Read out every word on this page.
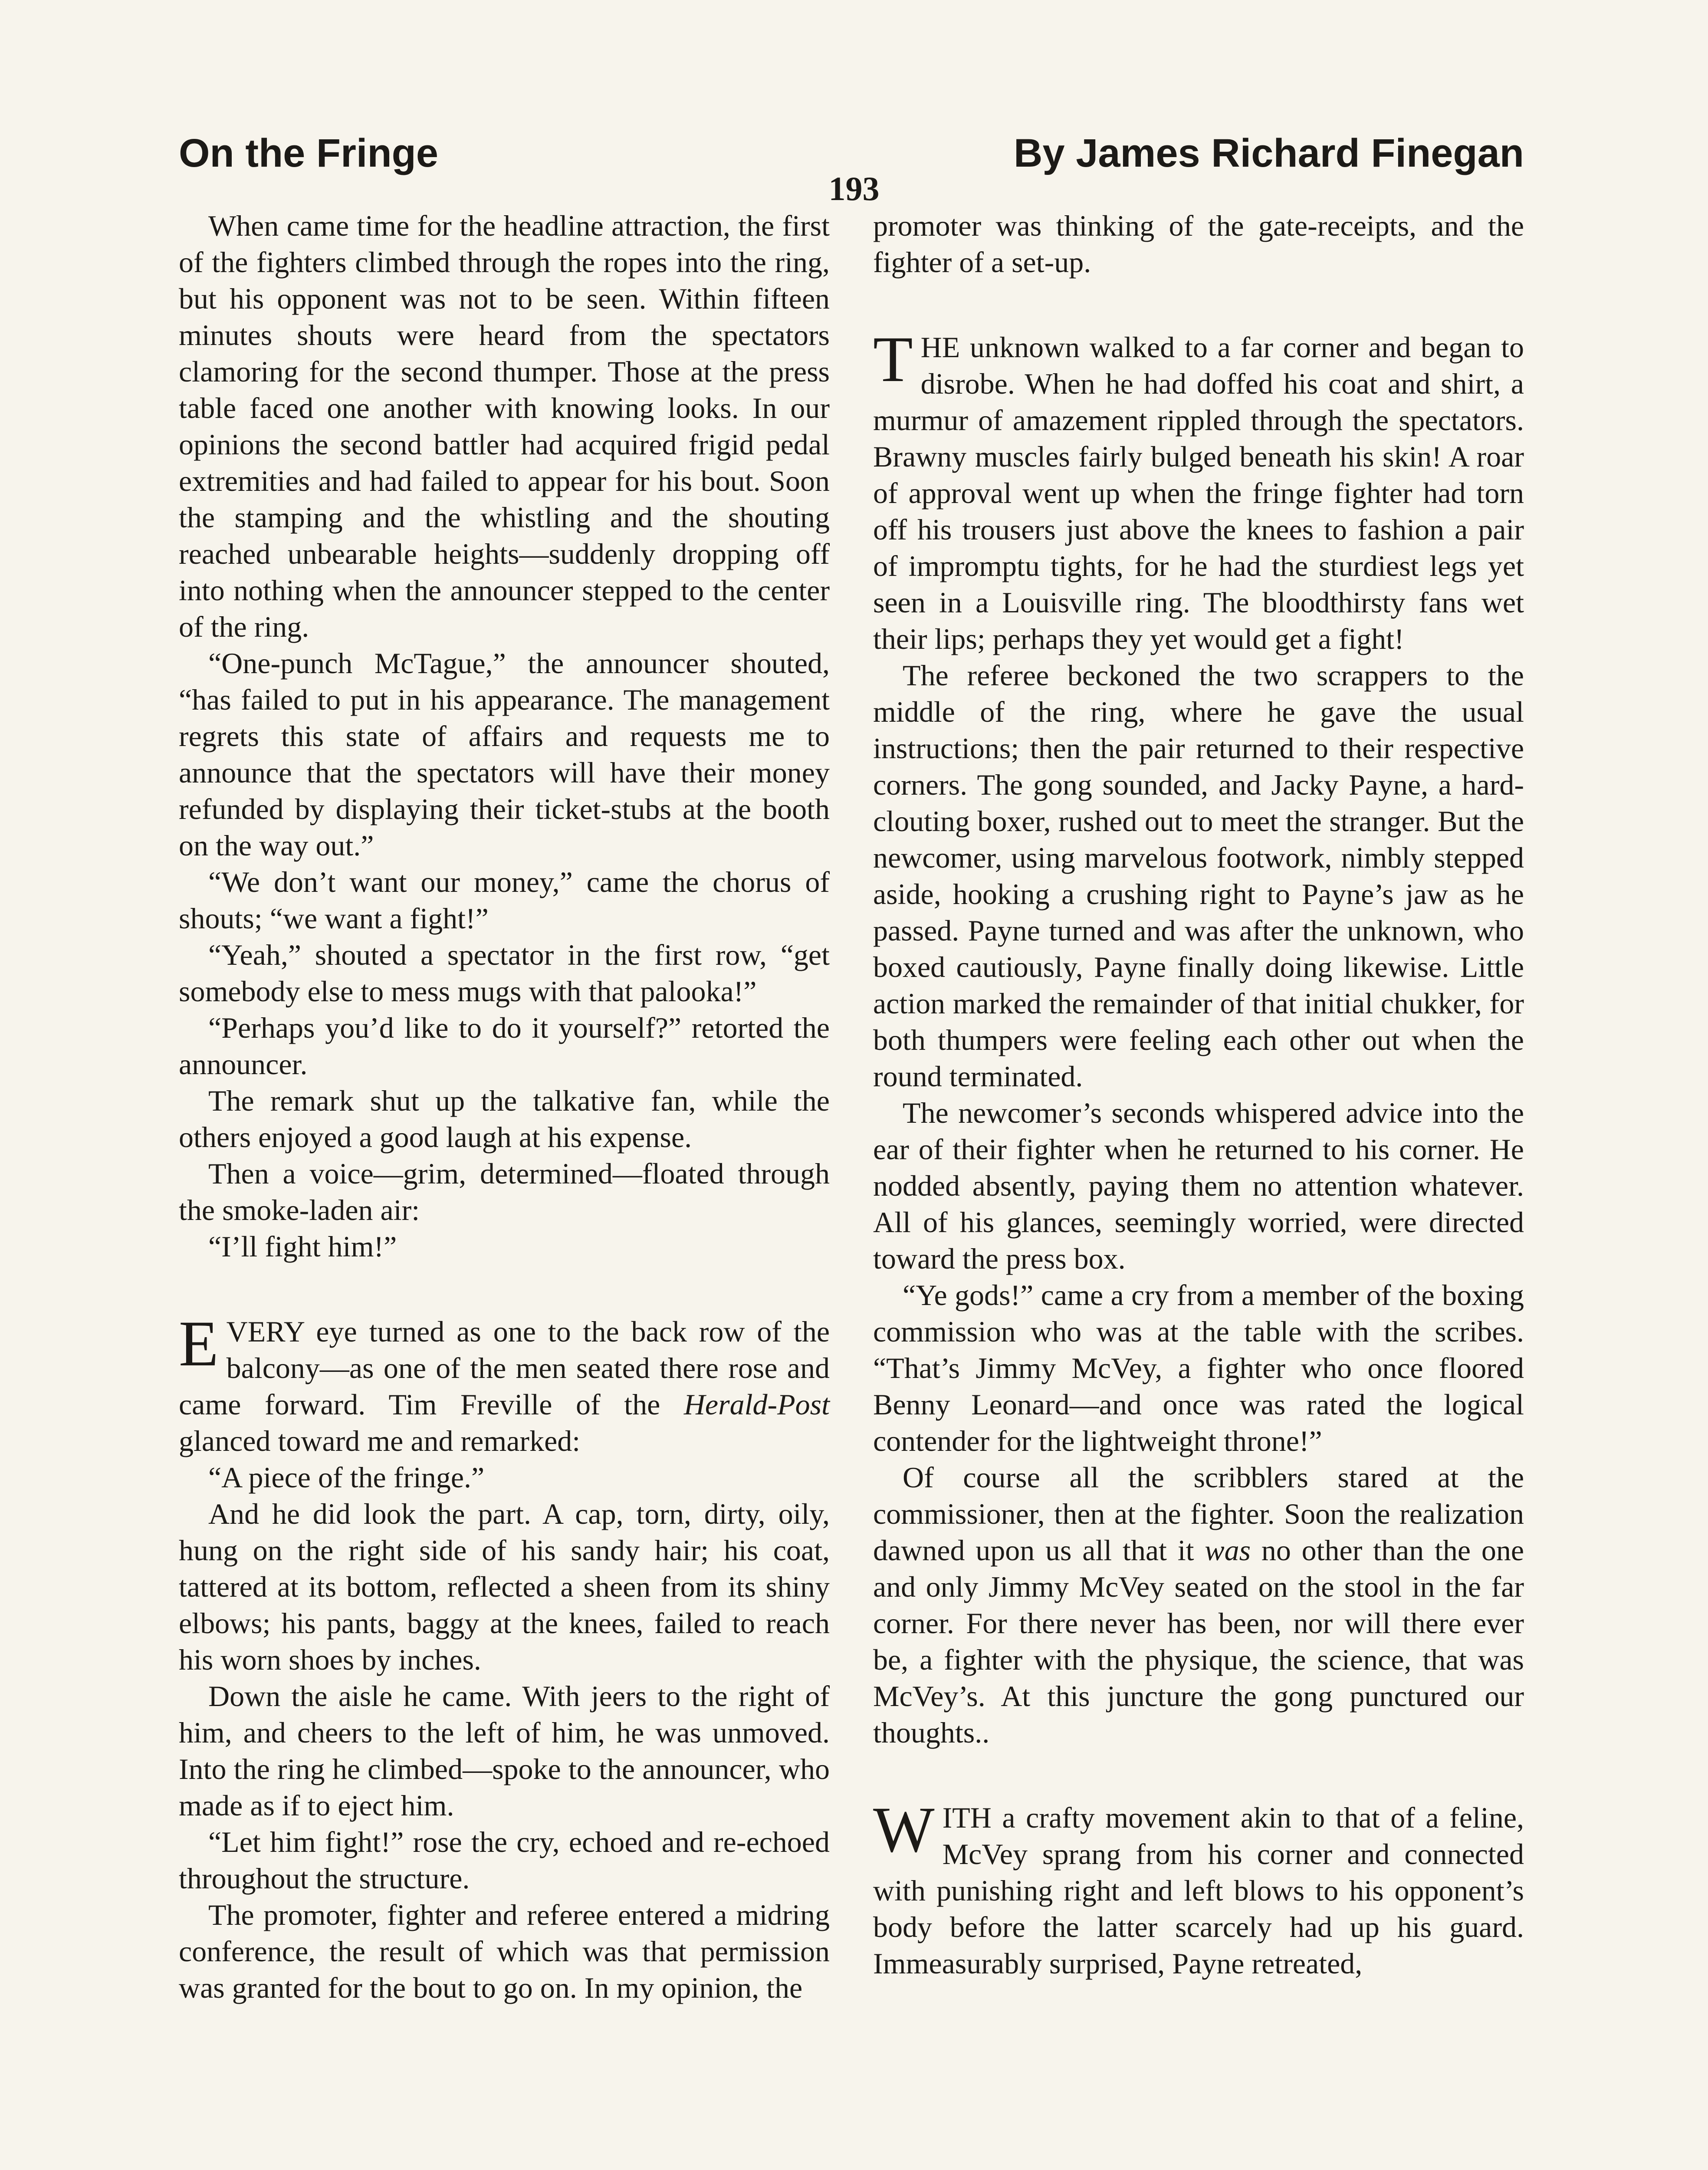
On the Fringe	By James Richard Finegan
193

When came time for the headline attraction, the first of the fighters climbed through the ropes into the ring, but his opponent was not to be seen. Within fifteen minutes shouts were heard from the spectators clamoring for the second thumper. Those at the press table faced one another with knowing looks. In our opinions the second battler had acquired frigid pedal extremities and had failed to appear for his bout. Soon the stamping and the whistling and the shouting reached unbearable heights—suddenly dropping off into nothing when the announcer stepped to the center of the ring.

“One-punch McTague,” the announcer shouted, “has failed to put in his appearance. The management regrets this state of affairs and requests me to announce that the spectators will have their money refunded by displaying their ticket-stubs at the booth on the way out.”

“We don’t want our money,” came the chorus of shouts; “we want a fight!”

“Yeah,” shouted a spectator in the first row, “get somebody else to mess mugs with that palooka!”

“Perhaps you’d like to do it yourself?” retorted the announcer.

The remark shut up the talkative fan, while the others enjoyed a good laugh at his expense.

Then a voice—grim, determined—floated through the smoke-laden air:

“I’ll fight him!”

EVERY eye turned as one to the back row of the balcony—as one of the men seated there rose and came forward. Tim Freville of the Herald-Post glanced toward me and remarked:

“A piece of the fringe.”

And he did look the part. A cap, torn, dirty, oily, hung on the right side of his sandy hair; his coat, tattered at its bottom, reflected a sheen from its shiny elbows; his pants, baggy at the knees, failed to reach his worn shoes by inches.

Down the aisle he came. With jeers to the right of him, and cheers to the left of him, he was unmoved. Into the ring he climbed—spoke to the announcer, who made as if to eject him.

“Let him fight!” rose the cry, echoed and re-echoed throughout the structure.

The promoter, fighter and referee entered a midring conference, the result of which was that permission was granted for the bout to go on. In my opinion, the

promoter was thinking of the gate-receipts, and the fighter of a set-up.

THE unknown walked to a far corner and began to disrobe. When he had doffed his coat and shirt, a murmur of amazement rippled through the spectators. Brawny muscles fairly bulged beneath his skin! A roar of approval went up when the fringe fighter had torn off his trousers just above the knees to fashion a pair of impromptu tights, for he had the sturdiest legs yet seen in a Louisville ring. The bloodthirsty fans wet their lips; perhaps they yet would get a fight!

The referee beckoned the two scrappers to the middle of the ring, where he gave the usual instructions; then the pair returned to their respective corners. The gong sounded, and Jacky Payne, a hard-clouting boxer, rushed out to meet the stranger. But the newcomer, using marvelous footwork, nimbly stepped aside, hooking a crushing right to Payne’s jaw as he passed. Payne turned and was after the unknown, who boxed cautiously, Payne finally doing likewise. Little action marked the remainder of that initial chukker, for both thumpers were feeling each other out when the round terminated.

The newcomer’s seconds whispered advice into the ear of their fighter when he returned to his corner. He nodded absently, paying them no attention whatever. All of his glances, seemingly worried, were directed toward the press box.

“Ye gods!” came a cry from a member of the boxing commission who was at the table with the scribes. “That’s Jimmy McVey, a fighter who once floored Benny Leonard—and once was rated the logical contender for the lightweight throne!”

Of course all the scribblers stared at the commissioner, then at the fighter. Soon the realization dawned upon us all that it was no other than the one and only Jimmy McVey seated on the stool in the far corner. For there never has been, nor will there ever be, a fighter with the physique, the science, that was McVey’s. At this juncture the gong punctured our thoughts..

WITH a crafty movement akin to that of a feline, McVey sprang from his corner and connected with punishing right and left blows to his opponent’s body before the latter scarcely had up his guard. Immeasurably surprised, Payne retreated,
